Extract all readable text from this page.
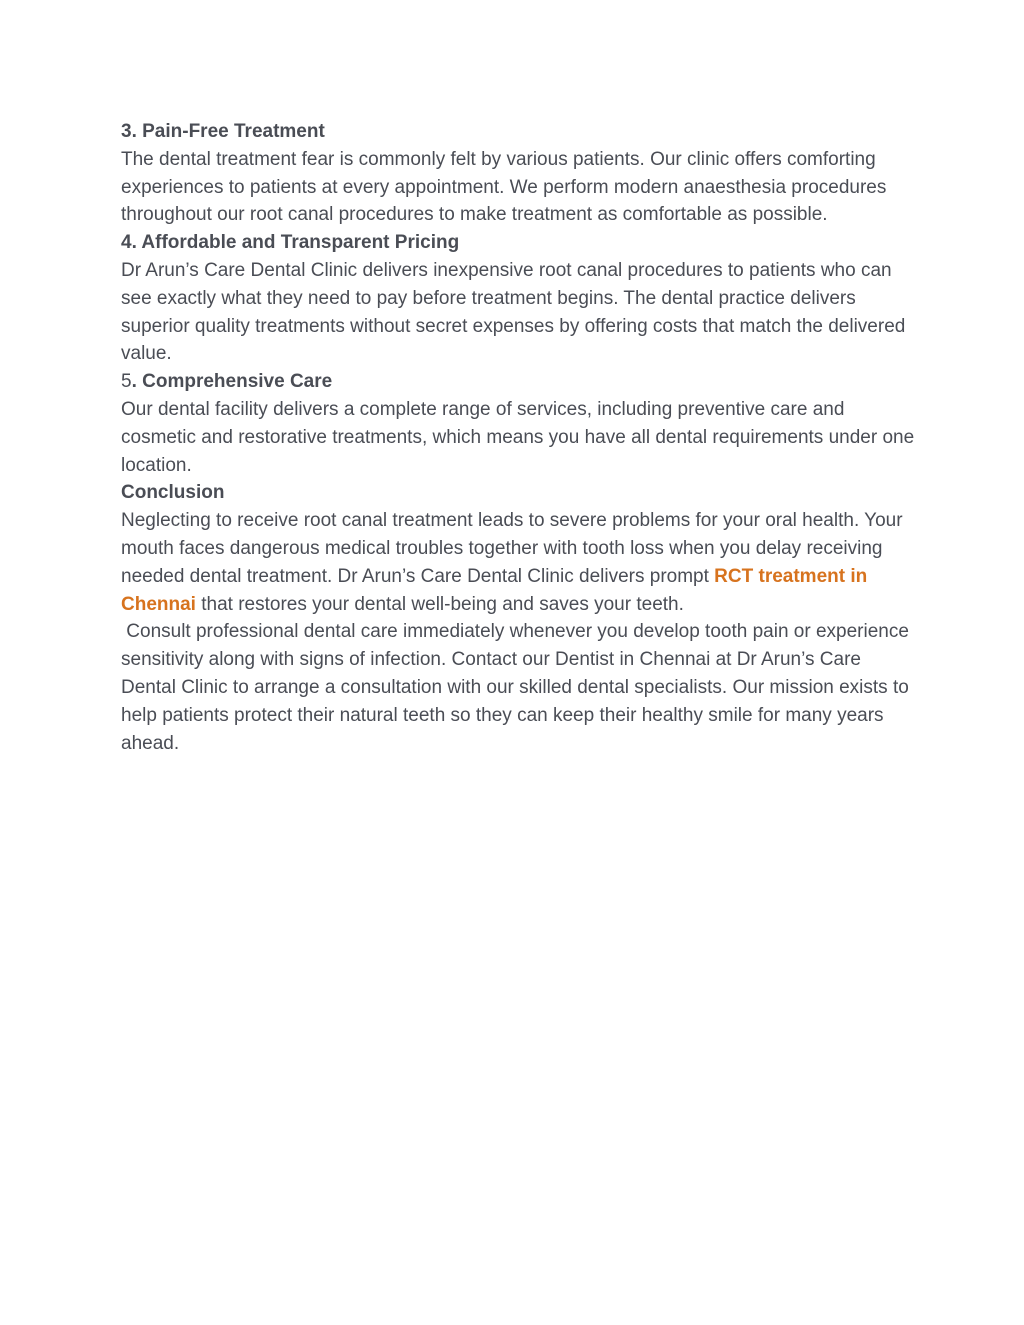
3. Pain-Free Treatment

The dental treatment fear is commonly felt by various patients. Our clinic offers comforting experiences to patients at every appointment. We perform modern anaesthesia procedures throughout our root canal procedures to make treatment as comfortable as possible.

4. Affordable and Transparent Pricing

Dr Arun’s Care Dental Clinic delivers inexpensive root canal procedures to patients who can see exactly what they need to pay before treatment begins. The dental practice delivers superior quality treatments without secret expenses by offering costs that match the delivered value.

5. Comprehensive Care

Our dental facility delivers a complete range of services, including preventive care and cosmetic and restorative treatments, which means you have all dental requirements under one location.

Conclusion

Neglecting to receive root canal treatment leads to severe problems for your oral health. Your mouth faces dangerous medical troubles together with tooth loss when you delay receiving needed dental treatment. Dr Arun’s Care Dental Clinic delivers prompt RCT treatment in Chennai that restores your dental well-being and saves your teeth.

Consult professional dental care immediately whenever you develop tooth pain or experience sensitivity along with signs of infection. Contact our Dentist in Chennai at Dr Arun’s Care Dental Clinic to arrange a consultation with our skilled dental specialists. Our mission exists to help patients protect their natural teeth so they can keep their healthy smile for many years ahead.
